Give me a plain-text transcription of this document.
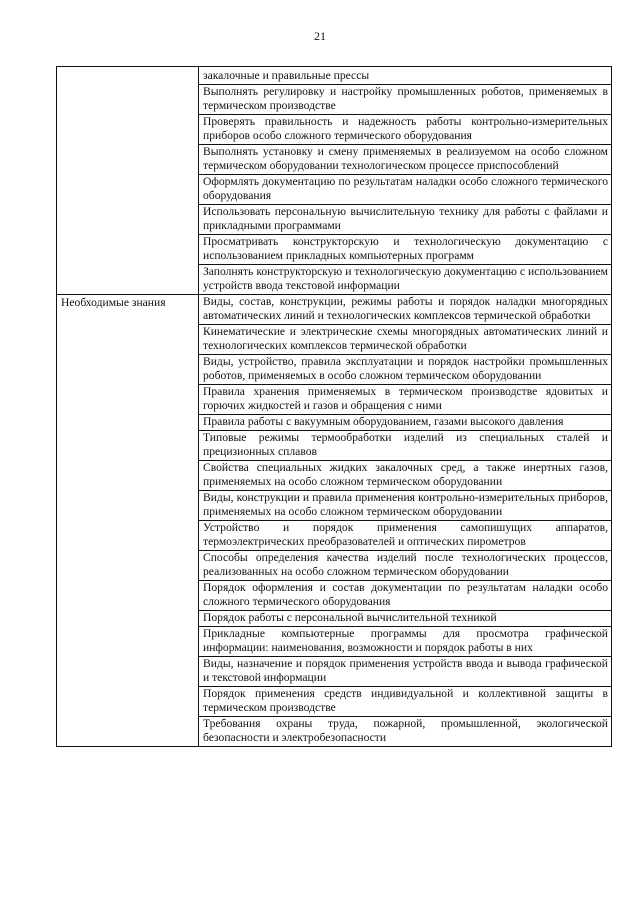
21
	закалочные и правильные прессы
	Выполнять регулировку и настройку промышленных роботов, применяемых в термическом производстве
	Проверять правильность и надежность работы контрольно-измерительных приборов особо сложного термического оборудования
	Выполнять установку и смену применяемых в реализуемом на особо сложном термическом оборудовании технологическом процессе приспособлений
	Оформлять документацию по результатам наладки особо сложного термического оборудования
	Использовать персональную вычислительную технику для работы с файлами и прикладными программами
	Просматривать конструкторскую и технологическую документацию с использованием прикладных компьютерных программ
	Заполнять конструкторскую и технологическую документацию с использованием устройств ввода текстовой информации
Необходимые знания	Виды, состав, конструкции, режимы работы и порядок наладки многорядных автоматических линий и технологических комплексов термической обработки
	Кинематические и электрические схемы многорядных автоматических линий и технологических комплексов термической обработки
	Виды, устройство, правила эксплуатации и порядок настройки промышленных роботов, применяемых в особо сложном термическом оборудовании
	Правила хранения применяемых в термическом производстве ядовитых и горючих жидкостей и газов и обращения с ними
	Правила работы с вакуумным оборудованием, газами высокого давления
	Типовые режимы термообработки изделий из специальных сталей и прецизионных сплавов
	Свойства специальных жидких закалочных сред, а также инертных газов, применяемых на особо сложном термическом оборудовании
	Виды, конструкции и правила применения контрольно-измерительных приборов, применяемых на особо сложном термическом оборудовании
	Устройство и порядок применения самопишущих аппаратов, термоэлектрических преобразователей и оптических пирометров
	Способы определения качества изделий после технологических процессов, реализованных на особо сложном термическом оборудовании
	Порядок оформления и состав документации по результатам наладки особо сложного термического оборудования
	Порядок работы с персональной вычислительной техникой
	Прикладные компьютерные программы для просмотра графической информации: наименования, возможности и порядок работы в них
	Виды, назначение и порядок применения устройств ввода и вывода графической и текстовой информации
	Порядок применения средств индивидуальной и коллективной защиты в термическом производстве
	Требования охраны труда, пожарной, промышленной, экологической безопасности и электробезопасности
